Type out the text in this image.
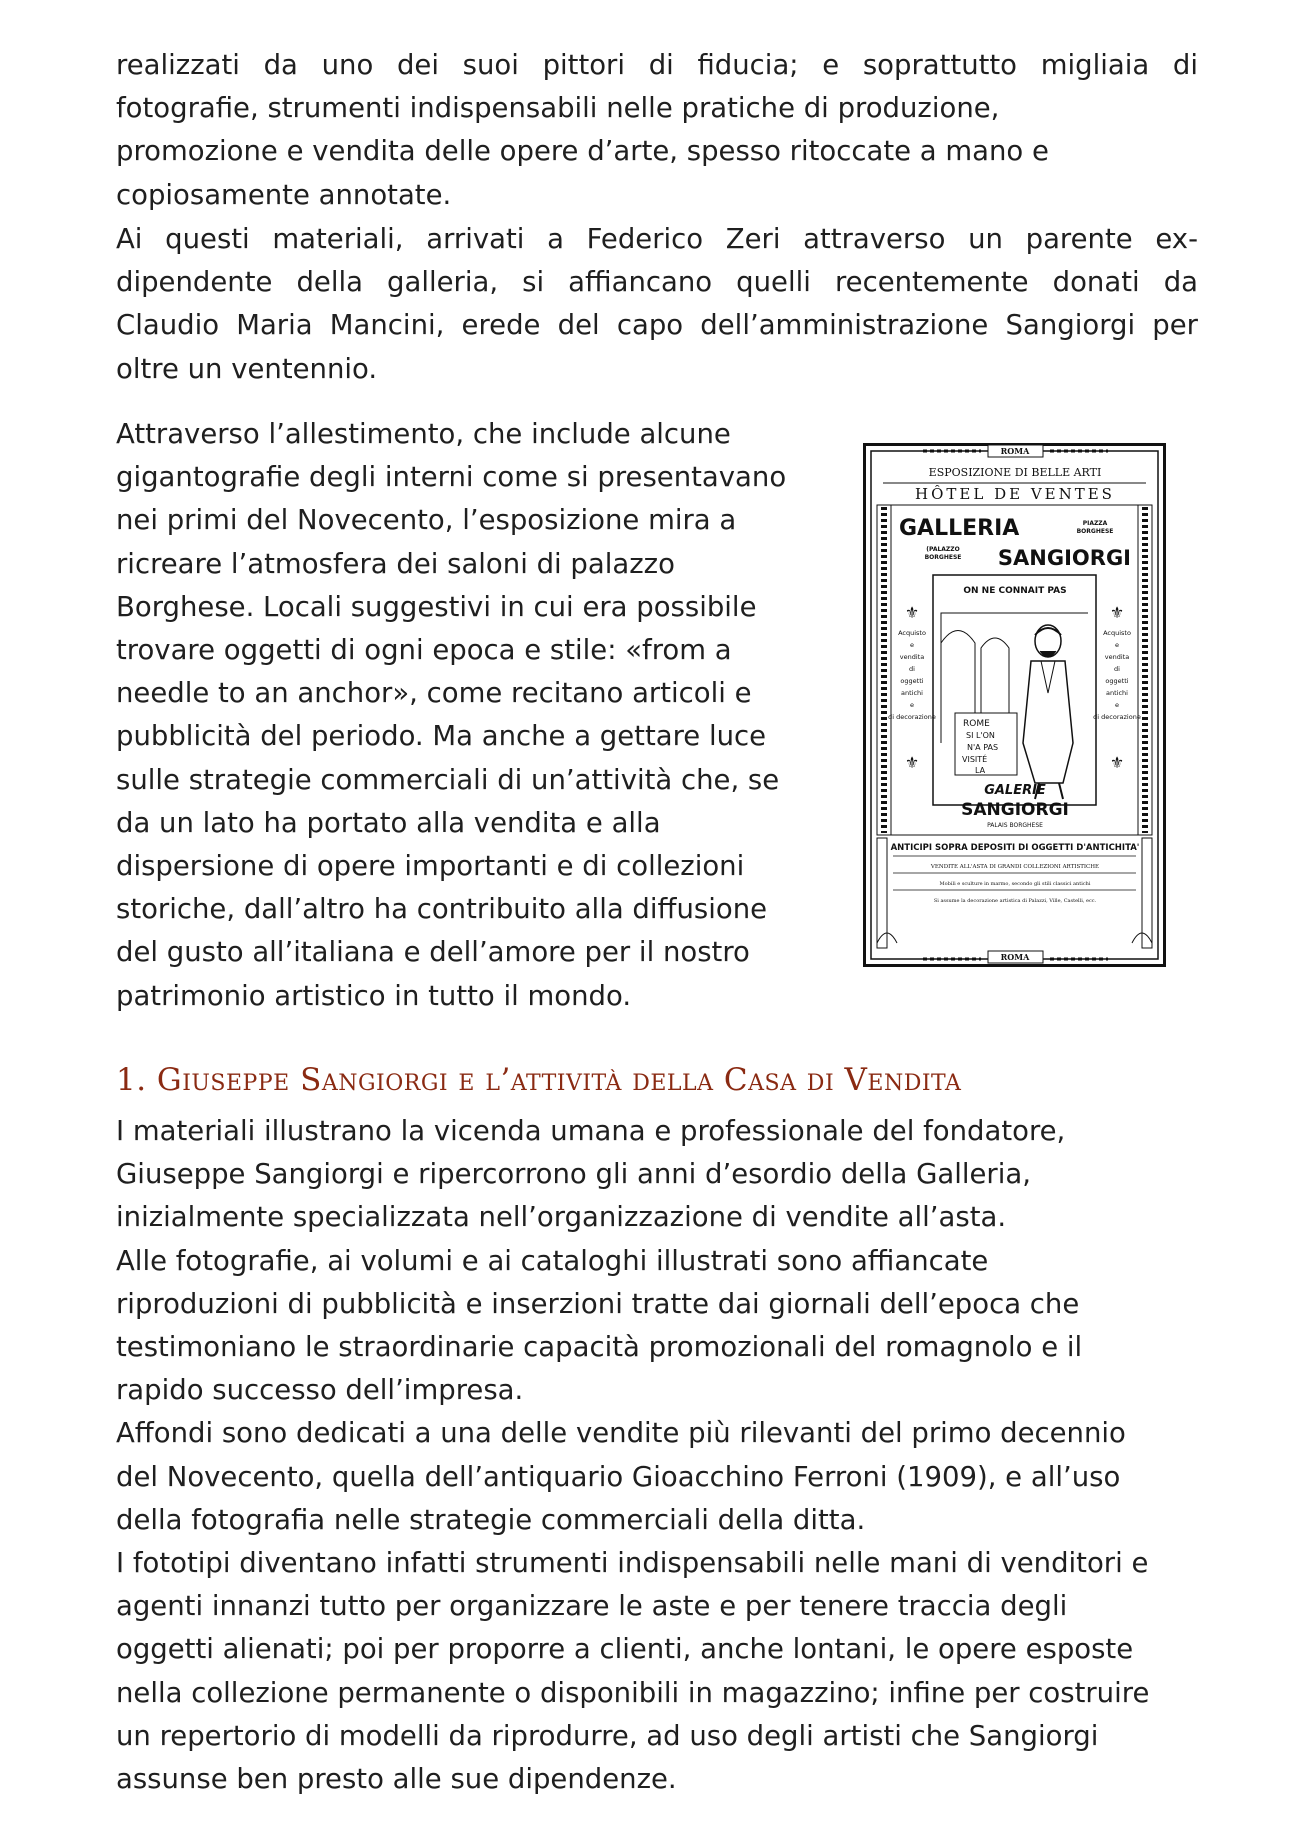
realizzati da uno dei suoi pittori di fiducia; e soprattutto migliaia di
fotografie, strumenti indispensabili nelle pratiche di produzione,
promozione e vendita delle opere d’arte, spesso ritoccate a mano e
copiosamente annotate.
Ai questi materiali, arrivati a Federico Zeri attraverso un parente ex-
dipendente della galleria, si affiancano quelli recentemente donati da
Claudio Maria Mancini, erede del capo dell’amministrazione Sangiorgi per
oltre un ventennio.
Attraverso l’allestimento, che include alcune
gigantografie degli interni come si presentavano
nei primi del Novecento, l’esposizione mira a
ricreare l’atmosfera dei saloni di palazzo
Borghese. Locali suggestivi in cui era possibile
trovare oggetti di ogni epoca e stile: «from a
needle to an anchor», come recitano articoli e
pubblicità del periodo. Ma anche a gettare luce
sulle strategie commerciali di un’attività che, se
da un lato ha portato alla vendita e alla
dispersione di opere importanti e di collezioni
storiche, dall’altro ha contribuito alla diffusione
del gusto all’italiana e dell’amore per il nostro
patrimonio artistico in tutto il mondo.
ROMA
ROMA
ESPOSIZIONE DI BELLE ARTI
HÔTEL DE VENTES
GALLERIA	PIAZZA
BORGHESE
(PALAZZO
BORGHESE SANGIORGI
ON NE CONNAIT PAS
ROME
SI L'ON
N'A PAS
VISITÉ
LA
GALERIE
SANGIORGI
PALAIS BORGHESE
Acquisto
e
vendita
di
oggetti
antichi
e
di decorazione
Acquisto
e
vendita
di
oggetti
antichi
e
di decorazione
⚜	⚜
⚜	⚜
ANTICIPI SOPRA DEPOSITI DI OGGETTI D'ANTICHITA'
VENDITE ALL'ASTA DI GRANDI COLLEZIONI ARTISTICHE
Mobili e sculture in marmo, secondo gli stili classici antichi
Si assume la decorazione artistica di Palazzi, Ville, Castelli, ecc.
1. Giuseppe Sangiorgi e l’attività della Casa di Vendita
I materiali illustrano la vicenda umana e professionale del fondatore,
Giuseppe Sangiorgi e ripercorrono gli anni d’esordio della Galleria,
inizialmente specializzata nell’organizzazione di vendite all’asta.
Alle fotografie, ai volumi e ai cataloghi illustrati sono affiancate
riproduzioni di pubblicità e inserzioni tratte dai giornali dell’epoca che
testimoniano le straordinarie capacità promozionali del romagnolo e il
rapido successo dell’impresa.
Affondi sono dedicati a una delle vendite più rilevanti del primo decennio
del Novecento, quella dell’antiquario Gioacchino Ferroni (1909), e all’uso
della fotografia nelle strategie commerciali della ditta.
I fototipi diventano infatti strumenti indispensabili nelle mani di venditori e
agenti innanzi tutto per organizzare le aste e per tenere traccia degli
oggetti alienati; poi per proporre a clienti, anche lontani, le opere esposte
nella collezione permanente o disponibili in magazzino; infine per costruire
un repertorio di modelli da riprodurre, ad uso degli artisti che Sangiorgi
assunse ben presto alle sue dipendenze.
